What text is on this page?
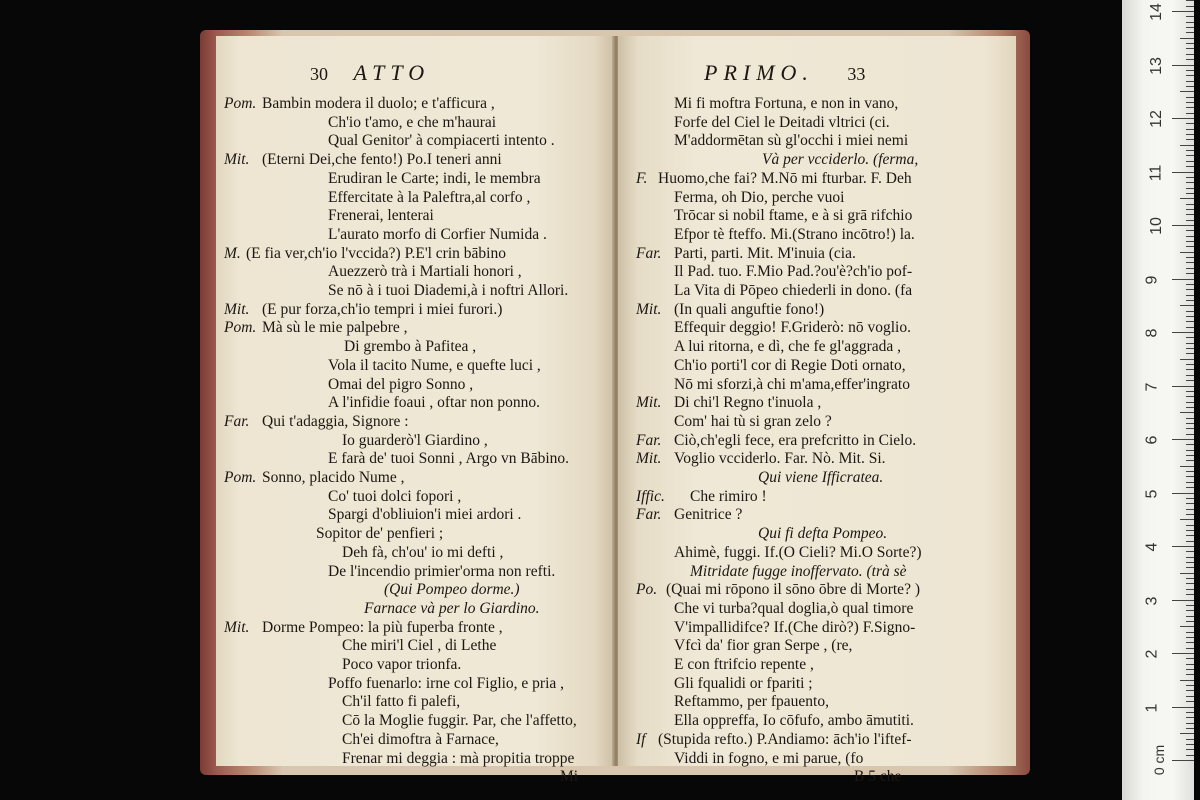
30 ATTO
Pom. Bambin modera il duolo; e t'afficura ,
Ch'io t'amo, e che m'haurai
Qual Genitor' à compiacerti intento .
Mit. (Eterni Dei,che fento!) Po.I teneri anni
Erudiran le Carte; indi, le membra
Effercitate à la Paleftra,al corfo ,
Frenerai, lenterai
L'aurato morfo di Corfier Numida .
M. (E fia ver,ch'io l'vccida?) P.E'l crin bābino
Auezzerò trà i Martiali honori ,
Se nō à i tuoi Diademi,à i noftri Allori.
Mit. (E pur forza,ch'io tempri i miei furori.)
Pom. Mà sù le mie palpebre ,
Di grembo à Pafitea ,
Vola il tacito Nume, e quefte luci ,
Omai del pigro Sonno ,
A l'infidie foaui , oftar non ponno.
Far. Qui t'adaggia, Signore :
Io guarderò'l Giardino ,
E farà de' tuoi Sonni , Argo vn Bābino.
Pom. Sonno, placido Nume ,
Co' tuoi dolci fopori ,
Spargi d'obliuion'i miei ardori .
Sopitor de' penfieri ;
Deh fà, ch'ou' io mi defti ,
De l'incendio primier'orma non refti.
(Qui Pompeo dorme.)
Farnace và per lo Giardino.
Mit. Dorme Pompeo: la più fuperba fronte ,
Che miri'l Ciel , di Lethe
Poco vapor trionfa.
Poffo fuenarlo: irne col Figlio, e pria ,
Ch'il fatto fi palefi,
Cō la Moglie fuggir. Par, che l'affetto,
Ch'ei dimoftra à Farnace,
Frenar mi deggia : mà propitia troppe
Mi
PRIMO. 33
Mi fi moftra Fortuna, e non in vano,
Forfe del Ciel le Deitadi vltrici (ci.
M'addormētan sù gl'occhi i miei nemi
Và per vcciderlo. (ferma,
F. Huomo,che fai? M.Nō mi fturbar. F. Deh
Ferma, oh Dio, perche vuoi
Trōcar si nobil ftame, e à si grā rifchio
Efpor tè fteffo. Mi.(Strano incōtro!) la.
Far. Parti, parti. Mit. M'inuia (cia.
Il Pad. tuo. F.Mio Pad.?ou'è?ch'io pof-
La Vita di Pōpeo chiederli in dono. (fa
Mit. (In quali anguftie fono!)
Effequir deggio! F.Griderò: nō voglio.
A lui ritorna, e dì, che fe gl'aggrada ,
Ch'io porti'l cor di Regie Doti ornato,
Nō mi sforzi,à chi m'ama,effer'ingrato
Mit. Di chi'l Regno t'inuola ,
Com' hai tù si gran zelo ?
Far. Ciò,ch'egli fece, era prefcritto in Cielo.
Mit. Voglio vcciderlo. Far. Nò. Mit. Si.
Qui viene Ifficratea.
Iffic. Che rimiro !
Far. Genitrice ?
Qui fi defta Pompeo.
Ahimè, fuggi. If.(O Cieli? Mi.O Sorte?)
Mitridate fugge inoffervato. (trà sè
Po. (Quai mi rōpono il sōno ōbre di Morte? )
Che vi turba?qual doglia,ò qual timore
V'impallidifce? If.(Che dirò?) F.Signo-
Vfcì da' fior gran Serpe , (re,
E con ftrifcio repente ,
Gli fqualidi or fpariti ;
Reftammo, per fpauento,
Ella oppreffa, Io cōfufo, ambo āmutiti.
If (Stupida refto.) P.Andiamo: āch'io l'iftef-
Viddi in fogno, e mi parue, (fo
B 5 che
0 cm
14
13
12
11
10
9
8
7
6
5
4
3
2
1
